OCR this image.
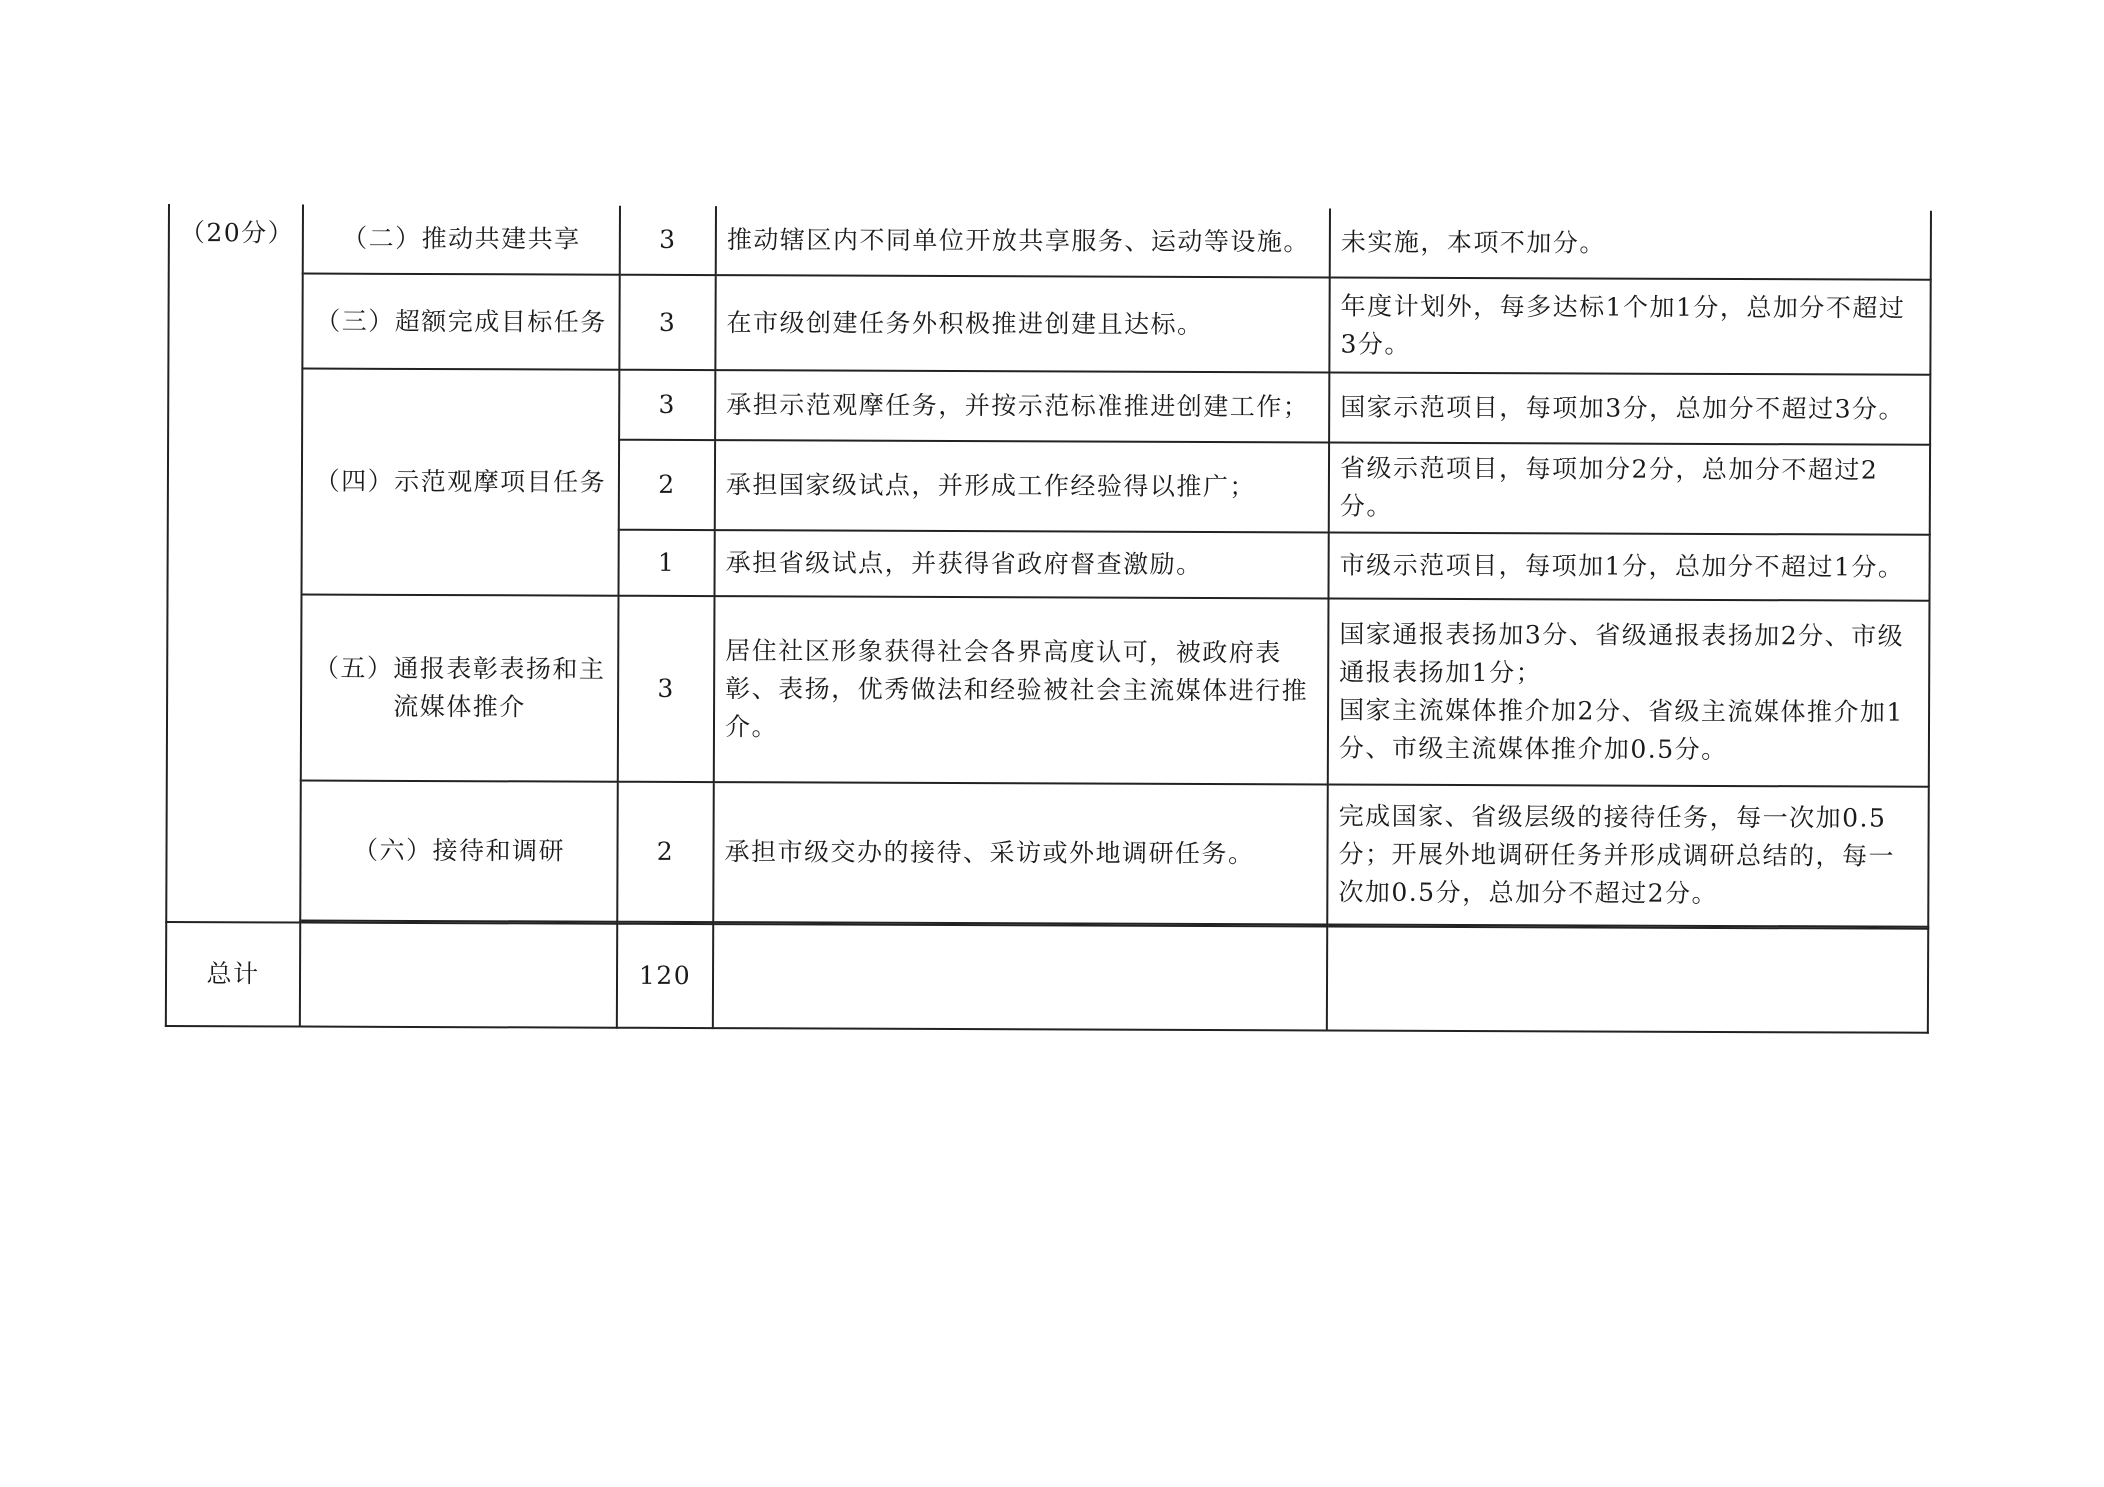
（20分）	（二）推动共建共享	3	推动辖区内不同单位开放共享服务、运动等设施。	未实施，本项不加分。
	（三）超额完成目标任务	3	在市级创建任务外积极推进创建且达标。	年度计划外，每多达标1个加1分，总加分不超过3分。
	（四）示范观摩项目任务	3	承担示范观摩任务，并按示范标准推进创建工作；	国家示范项目，每项加3分，总加分不超过3分。
		2	承担国家级试点，并形成工作经验得以推广；	省级示范项目，每项加分2分，总加分不超过2分。
		1	承担省级试点，并获得省政府督查激励。	市级示范项目，每项加1分，总加分不超过1分。
	（五）通报表彰表扬和主流媒体推介	3	居住社区形象获得社会各界高度认可，被政府表彰、表扬，优秀做法和经验被社会主流媒体进行推介。	国家通报表扬加3分、省级通报表扬加2分、市级通报表扬加1分；
国家主流媒体推介加2分、省级主流媒体推介加1分、市级主流媒体推介加0.5分。

	（六）接待和调研	2	承担市级交办的接待、采访或外地调研任务。	完成国家、省级层级的接待任务，每一次加0.5分；开展外地调研任务并形成调研总结的，每一次加0.5分，总加分不超过2分。

总计		120		
